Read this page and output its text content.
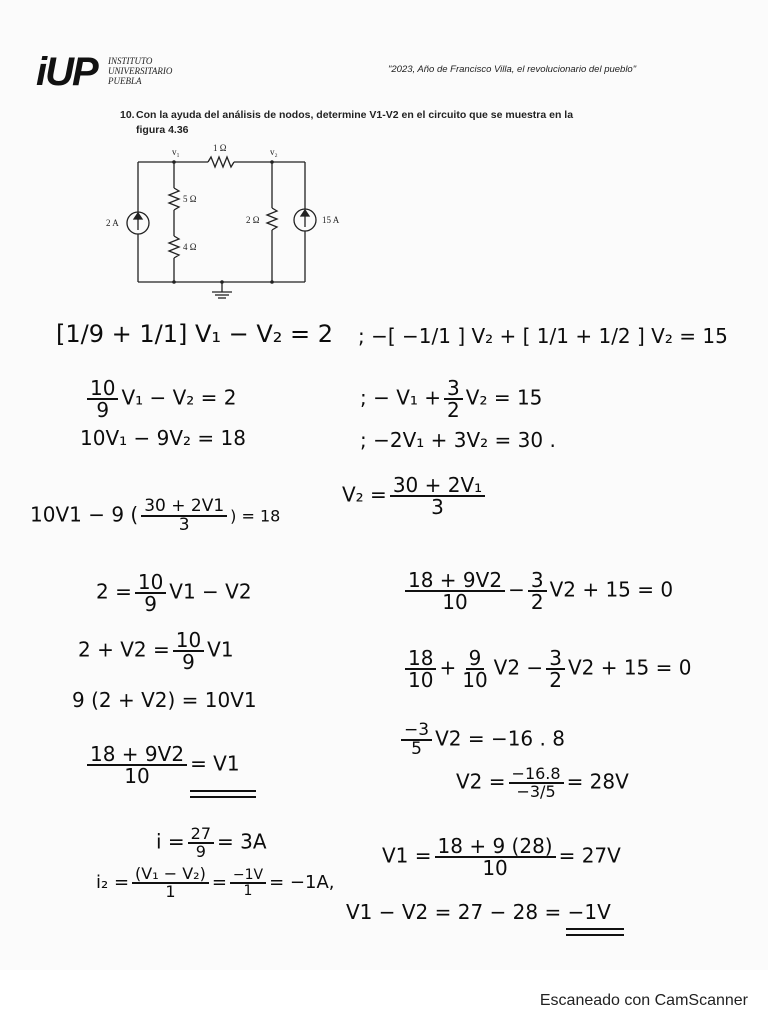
iUP INSTITUTO UNIVERSITARIO PUEBLA
"2023, Año de Francisco Villa, el revolucionario del pueblo"
10.Con la ayuda del análisis de nodos, determine V1-V2 en el circuito que se muestra en la
figura 4.36
v₁	v₂
1 Ω
5 Ω
4 Ω
2 Ω
2 A	15 A
[1/9 + 1/1] V₁ − V₂ = 2 ; −[ −1/1 ] V₂ + [ 1/1 + 1/2 ] V₂ = 15
$\frac{10}{9} V_1 - V_2 = 2$	; − $V_1 + \frac{3}{2} V_2 = 15$
10V₁ − 9V₂ = 18	; −2V₁ + 3V₂ = 30 .
10V1 − 9 ( $\frac{30 + 2V1}{3}$ ) = 18
$V_2 = \frac{\text{30 + 2V₁}}{3}$
$2 = \frac{10}{9} V1 - V2$	$\frac{18 + 9V2}{10} - \frac{3}{2} V2 + 15 = 0$
$2 + V2 = \frac{10}{9} V1$	$\frac{18}{10} + \frac{9}{10} V2 - \frac{3}{2} V2 + 15 = 0$
9 (2 + V2) = 10V1
$\frac{-3}{5} V2 = -16$ . 8
$\frac{18 + 9V2}{10} = V1$
$V2 = \frac{-16.8}{-3/5} = 28V$
$i = \frac{27}{9} = 3A$
$V1 = \frac{18 + 9 (28)}{10} = 27V$
$i_2 = \frac{\text{(V₁ − V₂)}}{1} = \frac{-1V}{1} = -1A$,
V1 − V2 = 27 − 28 = −1V
Escaneado con CamScanner
